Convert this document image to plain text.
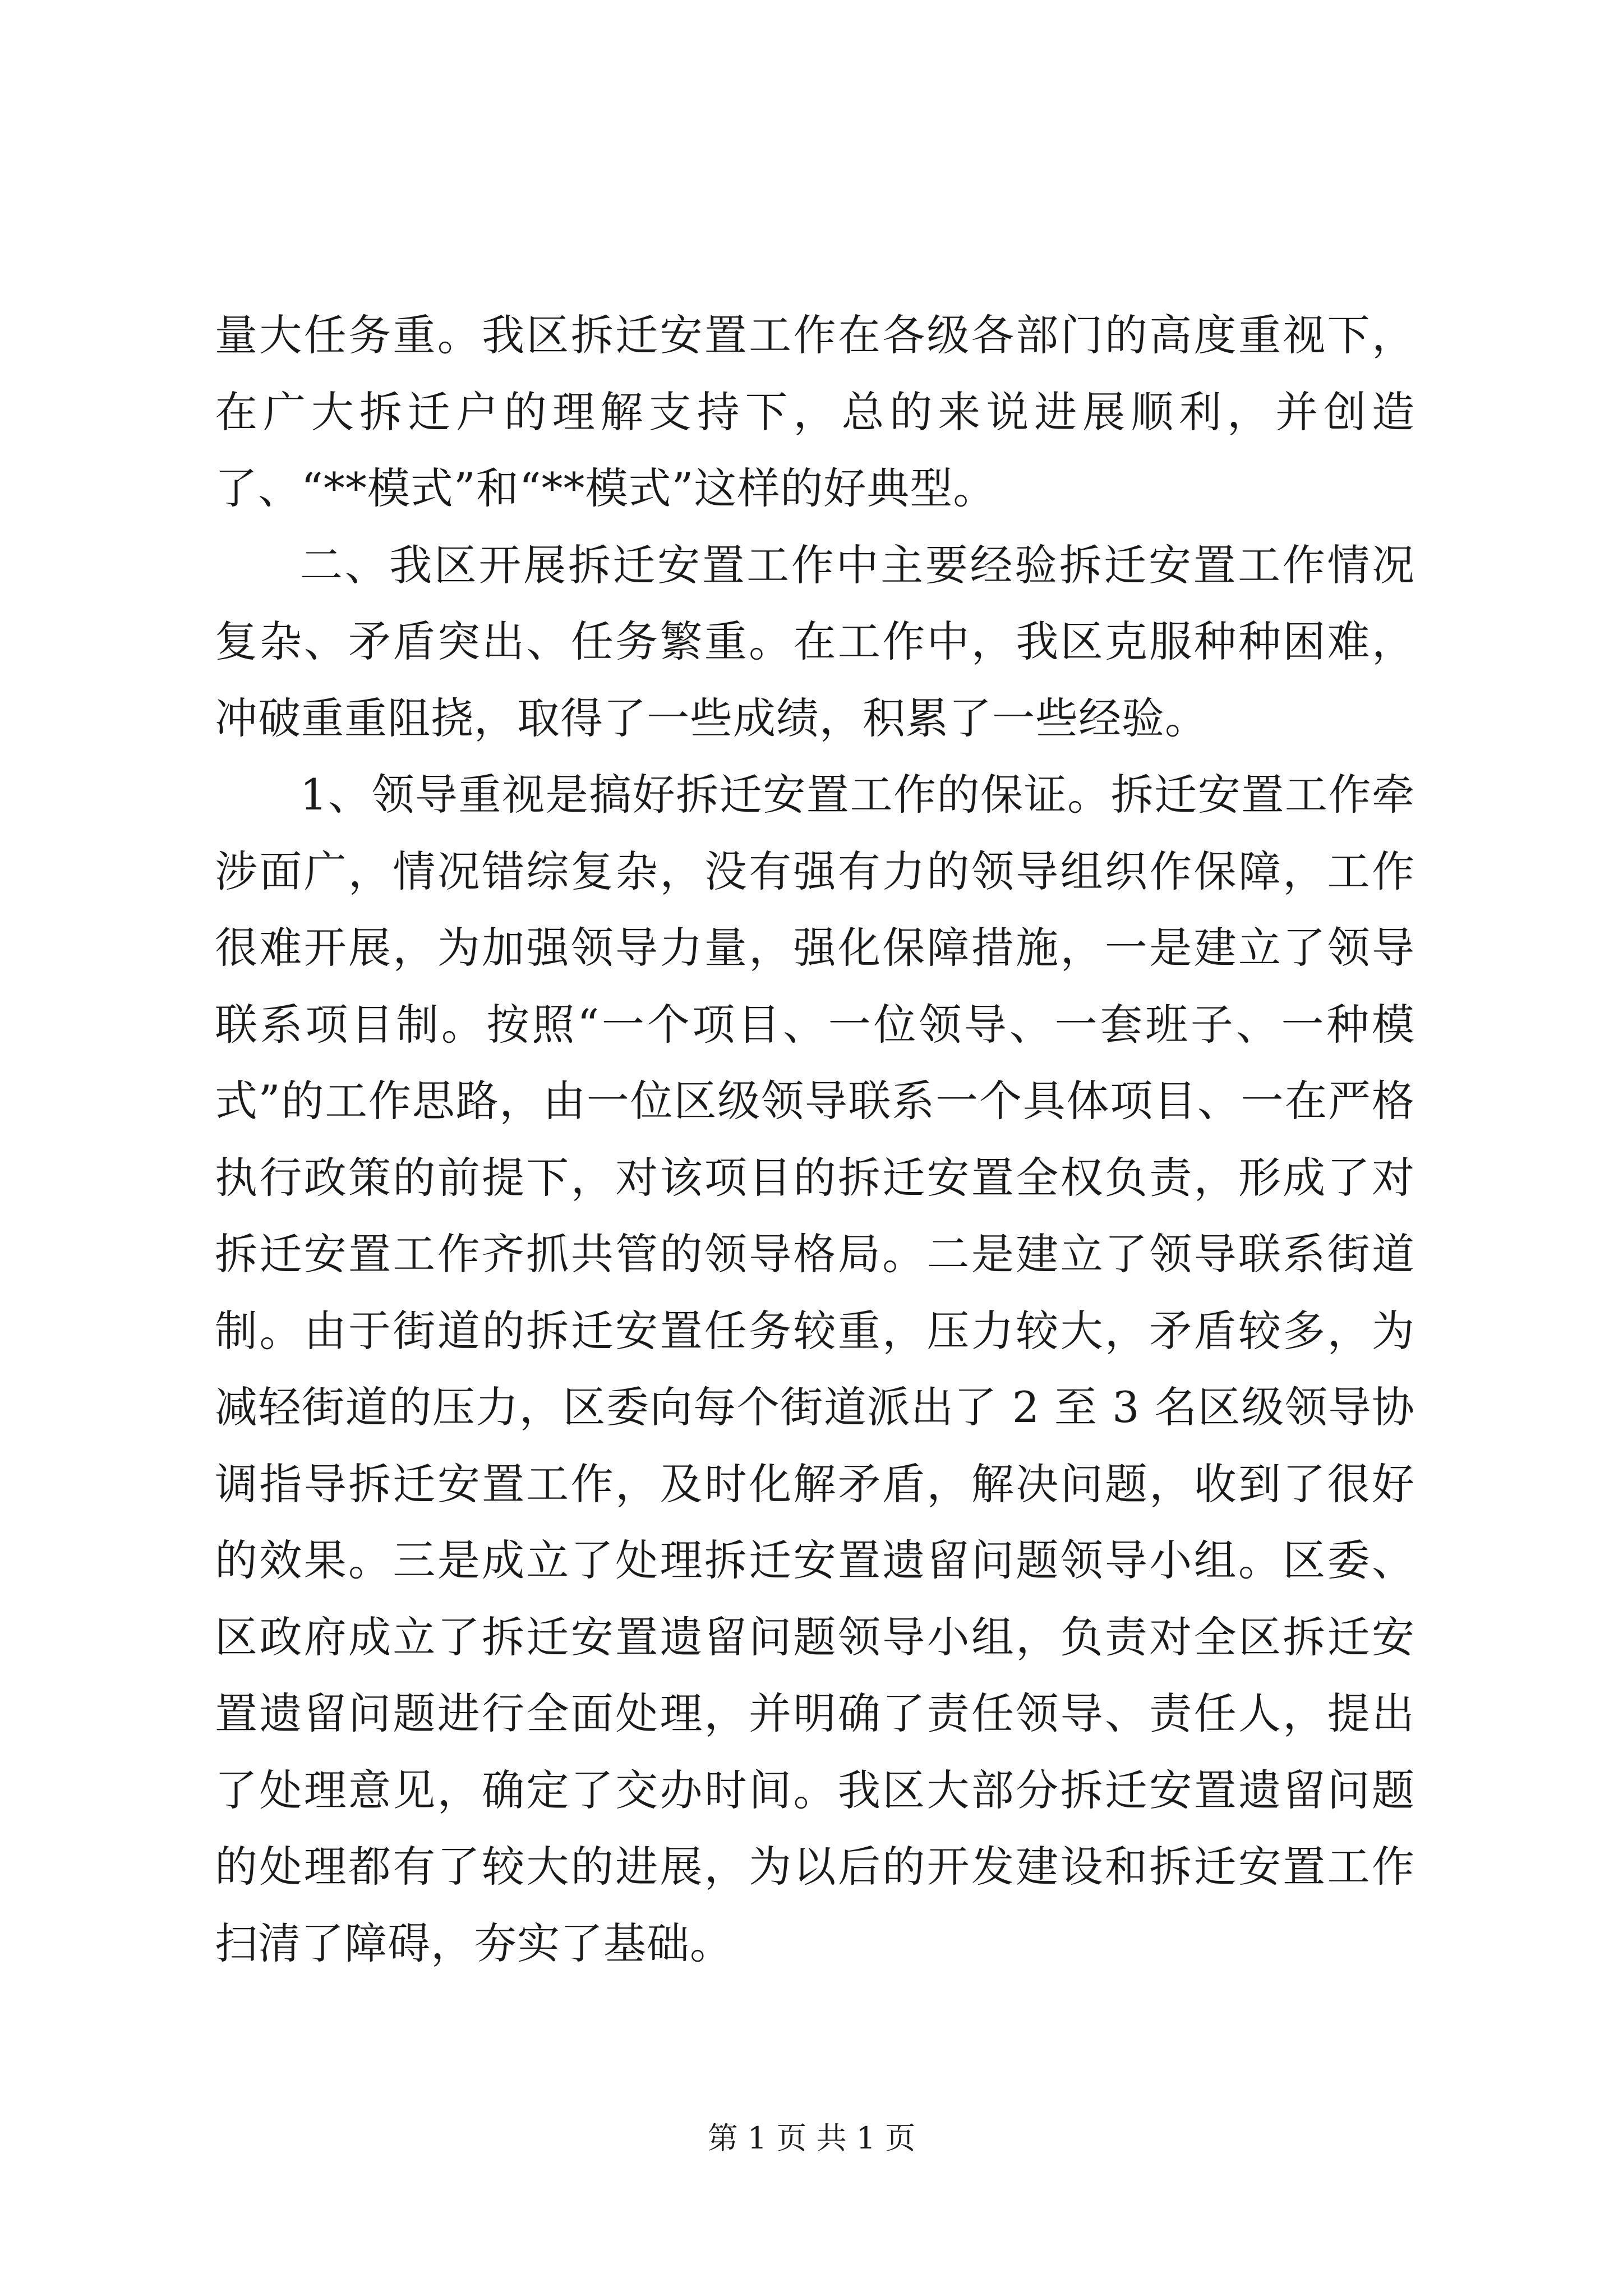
量大任务重。我区拆迁安置工作在各级各部门的高度重视下，在广大拆迁户的理解支持下，总的来说进展顺利，并创造了、“**模式”和“**模式”这样的好典型。

二、我区开展拆迁安置工作中主要经验拆迁安置工作情况复杂、矛盾突出、任务繁重。在工作中，我区克服种种困难，冲破重重阻挠，取得了一些成绩，积累了一些经验。

1、领导重视是搞好拆迁安置工作的保证。拆迁安置工作牵涉面广，情况错综复杂，没有强有力的领导组织作保障，工作很难开展，为加强领导力量，强化保障措施，一是建立了领导联系项目制。按照“一个项目、一位领导、一套班子、一种模式”的工作思路，由一位区级领导联系一个具体项目、一在严格执行政策的前提下，对该项目的拆迁安置全权负责，形成了对拆迁安置工作齐抓共管的领导格局。二是建立了领导联系街道制。由于街道的拆迁安置任务较重，压力较大，矛盾较多，为减轻街道的压力，区委向每个街道派出了 2 至 3 名区级领导协调指导拆迁安置工作，及时化解矛盾，解决问题，收到了很好的效果。三是成立了处理拆迁安置遗留问题领导小组。区委、区政府成立了拆迁安置遗留问题领导小组，负责对全区拆迁安置遗留问题进行全面处理，并明确了责任领导、责任人，提出了处理意见，确定了交办时间。我区大部分拆迁安置遗留问题的处理都有了较大的进展，为以后的开发建设和拆迁安置工作扫清了障碍，夯实了基础。

第 1 页 共 1 页
